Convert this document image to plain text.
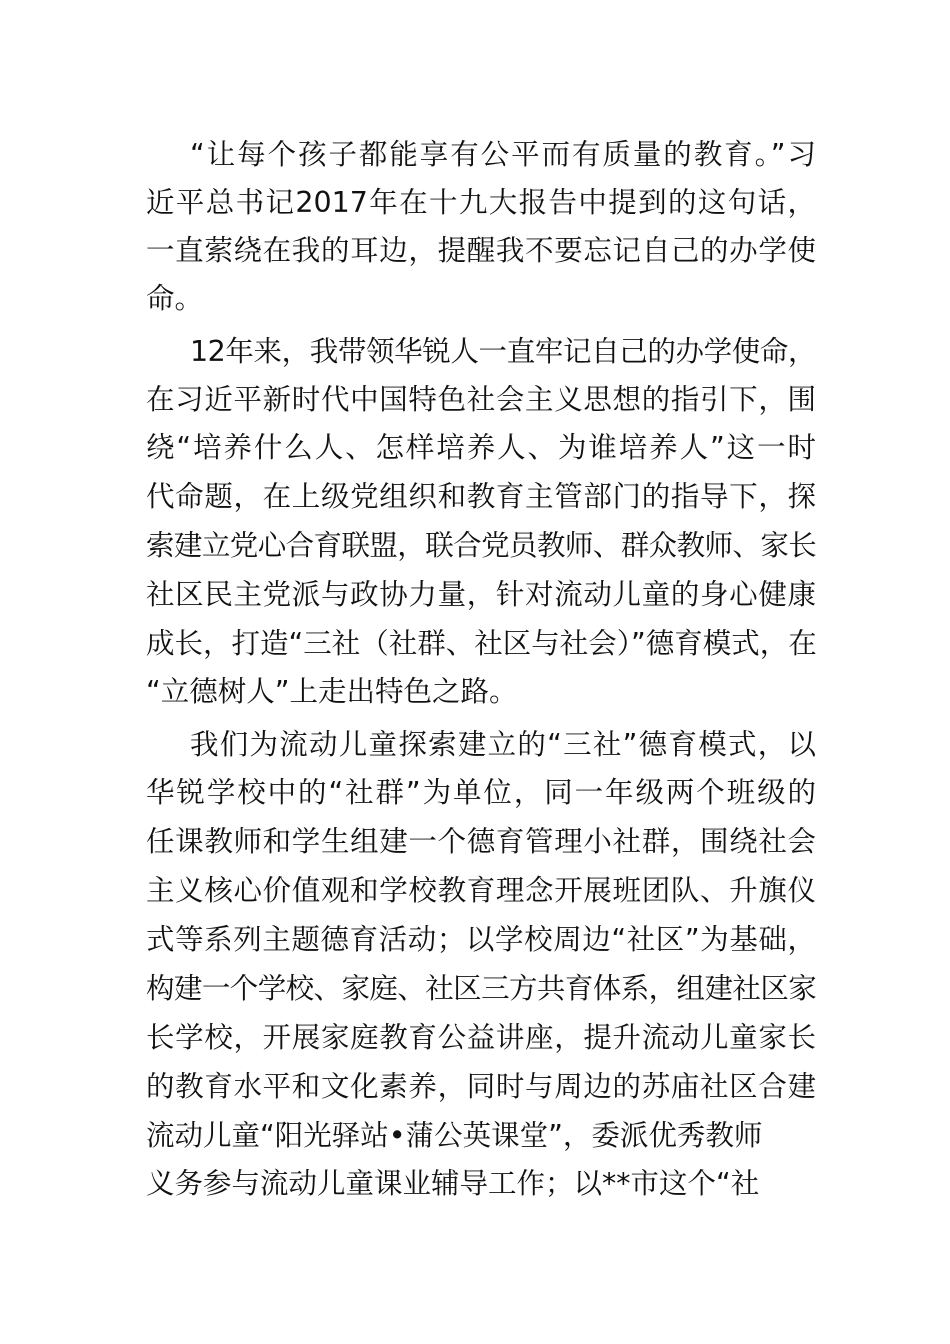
“让每个孩子都能享有公平而有质量的教育。”习
近平总书记2017年在十九大报告中提到的这句话，
一直萦绕在我的耳边，提醒我不要忘记自己的办学使
命。
12年来，我带领华锐人一直牢记自己的办学使命，
在习近平新时代中国特色社会主义思想的指引下，围
绕“培养什么人、怎样培养人、为谁培养人”这一时
代命题，在上级党组织和教育主管部门的指导下，探
索建立党心合育联盟，联合党员教师、群众教师、家长
社区民主党派与政协力量，针对流动儿童的身心健康
成长，打造“三社（社群、社区与社会）”德育模式，在
“立德树人”上走出特色之路。
我们为流动儿童探索建立的“三社”德育模式，以
华锐学校中的“社群”为单位，同一年级两个班级的
任课教师和学生组建一个德育管理小社群，围绕社会
主义核心价值观和学校教育理念开展班团队、升旗仪
式等系列主题德育活动；以学校周边“社区”为基础，
构建一个学校、家庭、社区三方共育体系，组建社区家
长学校，开展家庭教育公益讲座，提升流动儿童家长
的教育水平和文化素养，同时与周边的苏庙社区合建
流动儿童“阳光驿站•蒲公英课堂”，委派优秀教师
义务参与流动儿童课业辅导工作；以**市这个“社
